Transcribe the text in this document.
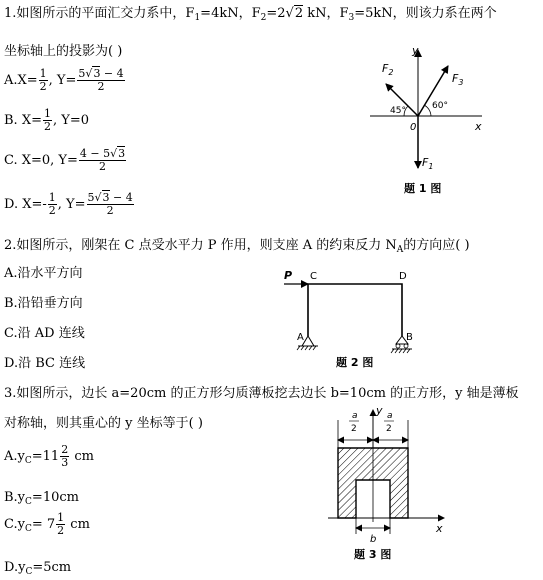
1.如图所示的平面汇交力系中，$F_1=4kN$，$F_2=2√2$ kN，$F_3=5kN$，则该力系在两个
坐标轴上的投影为( )
$A.X= \frac{1}{2}$ , $Y= \frac{5√3 - 4}{2}$
B. $X= \frac{1}{2}$ , Y=0
C. X=0, $Y= \frac{4 - 5√3}{2}$
D. $X=- \frac{1}{2}$ , $Y= \frac{5√3 - 4}{2}$
y
x
0
$F_1$
$F_2$	$F_3$
45°	60°
题 1 图
2.如图所示，刚架在 C 点受水平力 P 作用，则支座 A 的约束反力 $N_A$的方向应( )
A.沿水平方向
B.沿铅垂方向
C.沿 AD 连线
D.沿 BC 连线
P C	D
A	B
题 2 图
3.如图所示，边长 a=20cm 的正方形匀质薄板挖去边长 b=10cm 的正方形，y 轴是薄板
对称轴，则其重心的 y 坐标等于( )
$A.y_C=11 \frac{2}{3}$ cm
$B.y_C=10cm$
$C.y_C= 7 \frac{1}{2}$ cm
$D.y_C=5cm$
y
x
a
2
a
2
b
题 3 图
